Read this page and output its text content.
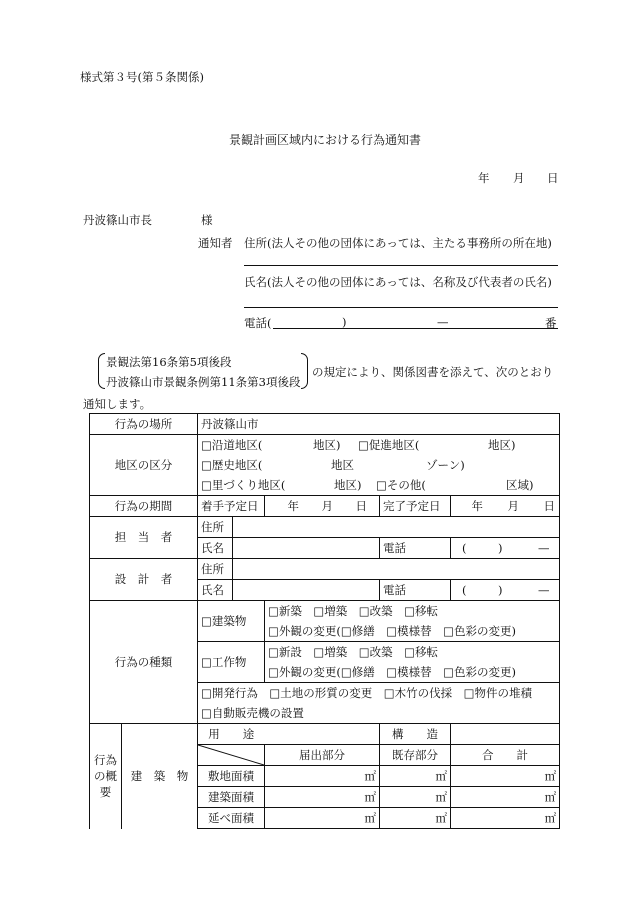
様式第３号(第５条関係)
景観計画区域内における行為通知書
年 月 日
丹波篠山市長	様
通知者 住所(法人その他の団体にあっては、主たる事務所の所在地)
氏名(法人その他の団体にあっては、名称及び代表者の氏名)
電話(	)	—	番
景観法第16条第5項後段
丹波篠山市景観条例第11条第3項後段
の規定により、関係図書を添えて、次のとおり
通知します。
行為の場所		丹波篠山市				
地区の区分		□沿道地区( 地区) □促進地区( 地区)				
		□歴史地区( 地区 ゾーン)				
		□里づくり地区( 地区) □その他( 区域)				
行為の期間		着手予定日		年 月 日	完了予定日	年 月 日
担　当　者		住所				
		氏名			電話	( ) —
設　計　者		住所				
		氏名			電話	( ) —
行為の種類		□建築物		□新築　□増築　□改築　□移転		
				□外観の変更(□修繕　□模様替　□色彩の変更)		
		□工作物		□新設　□増築　□改築　□移転		
				□外観の変更(□修繕　□模様替　□色彩の変更)		
		□開発行為　□土地の形質の変更　□木竹の伐採　□物件の堆積				
		□自動販売機の設置				
行為の概要	建　築　物	用　　途			構　　造	

	届出部分	既存部分	合　　計
		敷地面積		㎡	㎡	㎡
		建築面積		㎡	㎡	㎡
		延べ面積		㎡	㎡	㎡
